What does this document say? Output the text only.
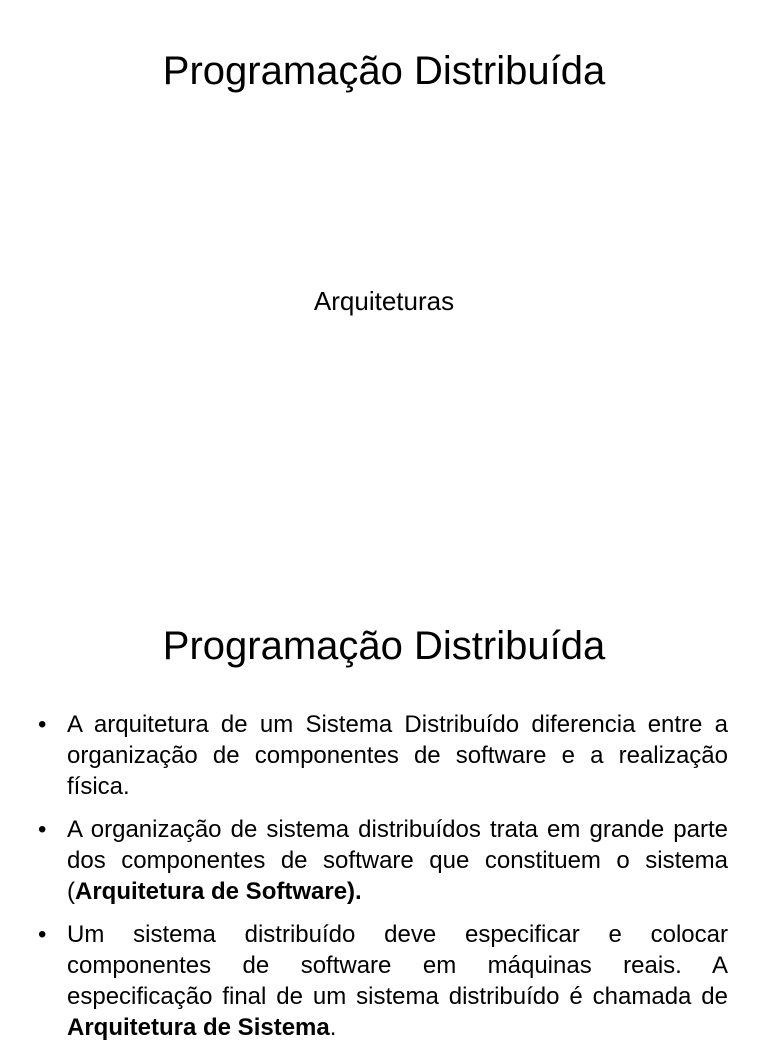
Programação Distribuída
Arquiteturas
Programação Distribuída
• A arquitetura de um Sistema Distribuído diferencia entre a organização de componentes de software e a realização física.
• A organização de sistema distribuídos trata em grande parte dos componentes de software que constituem o sistema (Arquitetura de Software).
• Um sistema distribuído deve especificar e colocar componentes de software em máquinas reais. A especificação final de um sistema distribuído é chamada de Arquitetura de Sistema.
